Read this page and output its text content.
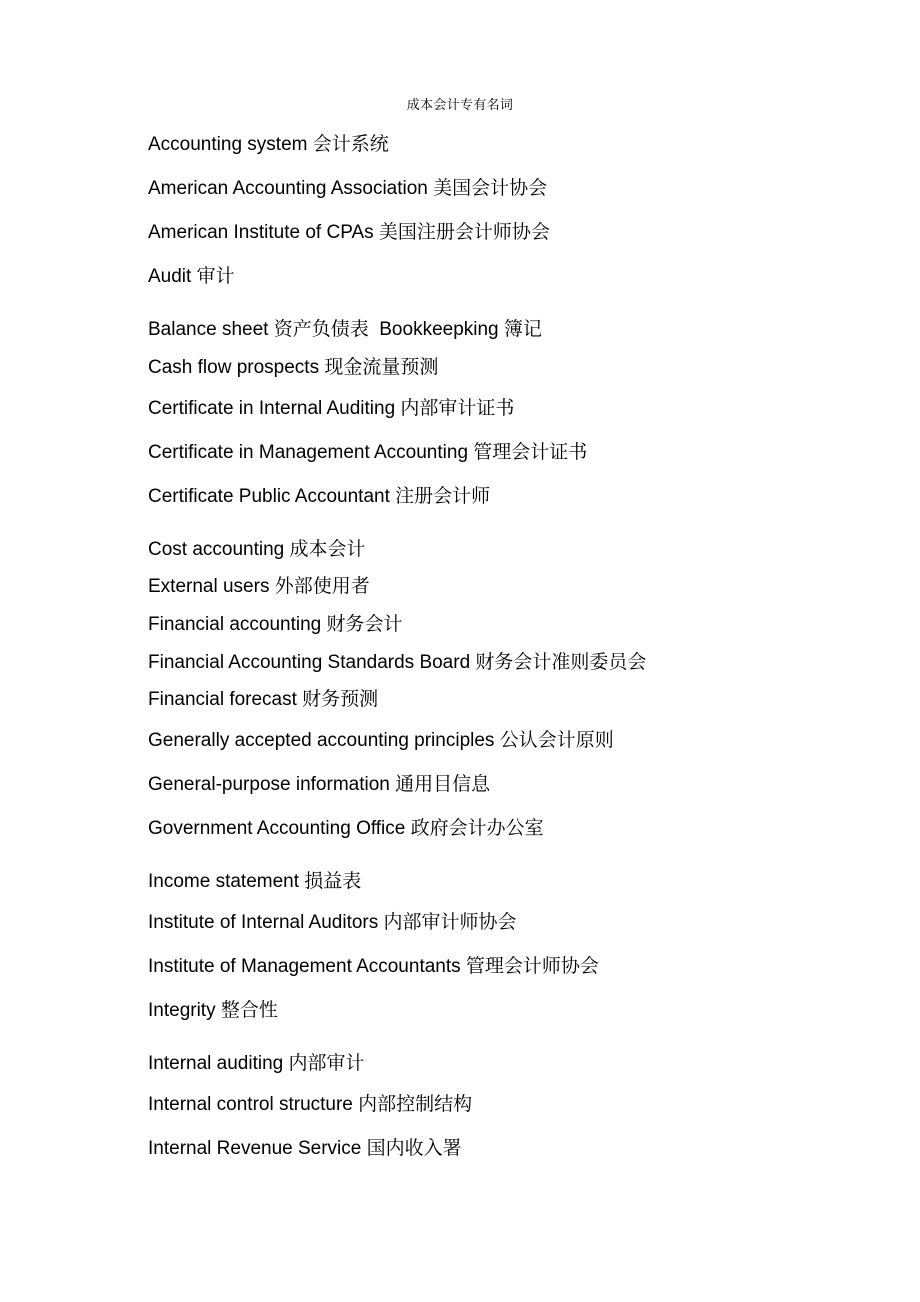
成本会计专有名词
Accounting system 会计系统
American Accounting Association 美国会计协会
American Institute of CPAs 美国注册会计师协会
Audit 审计
Balance sheet 资产负债表  Bookkeepking 簿记
Cash flow prospects 现金流量预测
Certificate in Internal Auditing 内部审计证书
Certificate in Management Accounting 管理会计证书
Certificate Public Accountant 注册会计师
Cost accounting 成本会计
External users 外部使用者
Financial accounting 财务会计
Financial Accounting Standards Board 财务会计准则委员会
Financial forecast 财务预测
Generally accepted accounting principles 公认会计原则
General-purpose information 通用目信息
Government Accounting Office 政府会计办公室
Income statement 损益表
Institute of Internal Auditors 内部审计师协会
Institute of Management Accountants 管理会计师协会
Integrity 整合性
Internal auditing 内部审计
Internal control structure 内部控制结构
Internal Revenue Service 国内收入署
